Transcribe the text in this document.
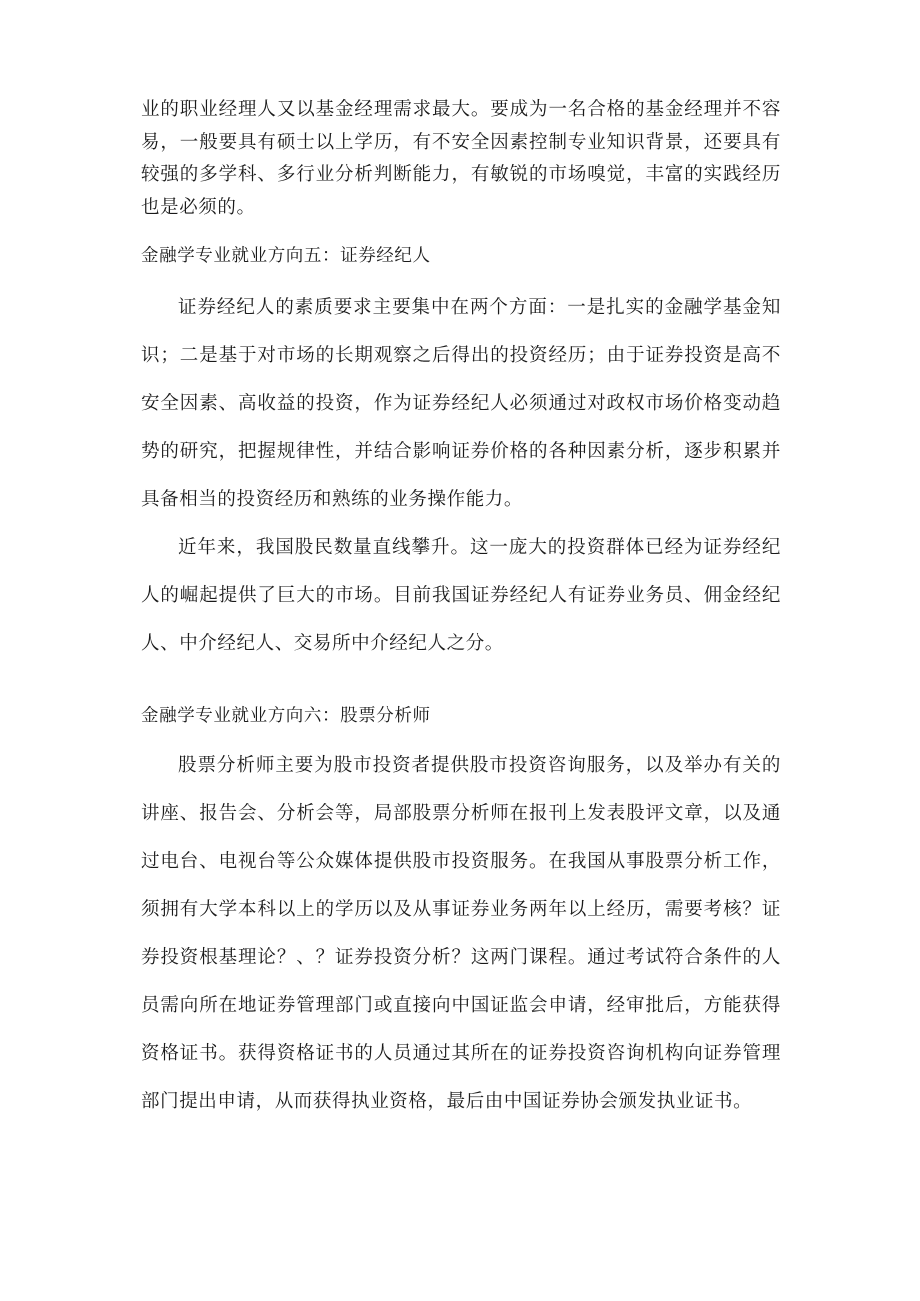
业的职业经理人又以基金经理需求最大。要成为一名合格的基金经理并不容易，一般要具有硕士以上学历，有不安全因素控制专业知识背景，还要具有较强的多学科、多行业分析判断能力，有敏锐的市场嗅觉，丰富的实践经历也是必须的。

金融学专业就业方向五：证券经纪人

证券经纪人的素质要求主要集中在两个方面：一是扎实的金融学基金知识；二是基于对市场的长期观察之后得出的投资经历；由于证券投资是高不安全因素、高收益的投资，作为证券经纪人必须通过对政权市场价格变动趋势的研究，把握规律性，并结合影响证券价格的各种因素分析，逐步积累并具备相当的投资经历和熟练的业务操作能力。

近年来，我国股民数量直线攀升。这一庞大的投资群体已经为证券经纪人的崛起提供了巨大的市场。目前我国证券经纪人有证券业务员、佣金经纪人、中介经纪人、交易所中介经纪人之分。

金融学专业就业方向六：股票分析师

股票分析师主要为股市投资者提供股市投资咨询服务，以及举办有关的讲座、报告会、分析会等，局部股票分析师在报刊上发表股评文章，以及通过电台、电视台等公众媒体提供股市投资服务。在我国从事股票分析工作，须拥有大学本科以上的学历以及从事证券业务两年以上经历，需要考核？证券投资根基理论？、？证券投资分析？这两门课程。通过考试符合条件的人员需向所在地证券管理部门或直接向中国证监会申请，经审批后，方能获得资格证书。获得资格证书的人员通过其所在的证券投资咨询机构向证券管理部门提出申请，从而获得执业资格，最后由中国证券协会颁发执业证书。
